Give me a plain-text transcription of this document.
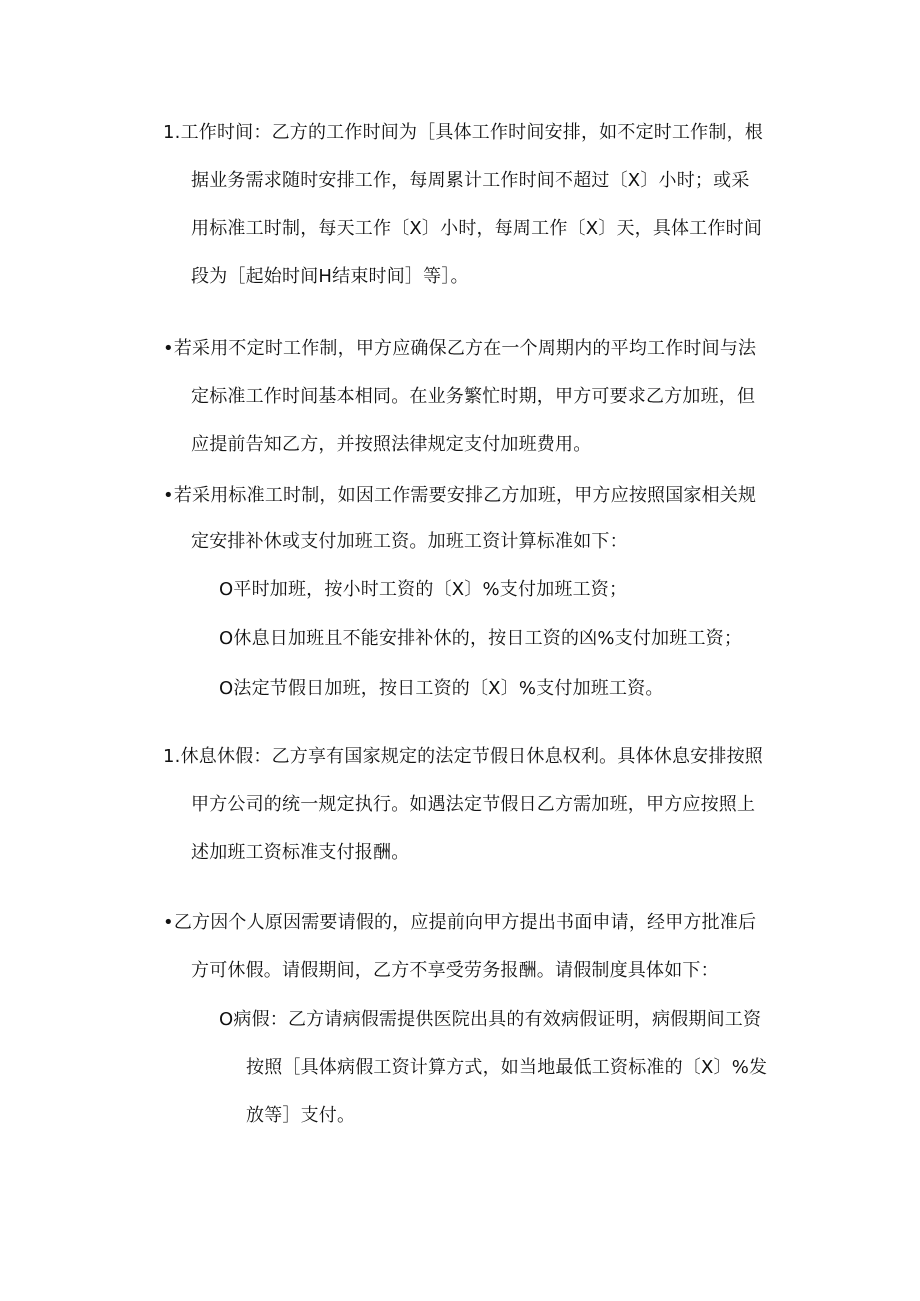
1.工作时间：乙方的工作时间为［具体工作时间安排，如不定时工作制，根
据业务需求随时安排工作，每周累计工作时间不超过〔X〕小时；或采
用标准工时制，每天工作〔X〕小时，每周工作〔X〕天，具体工作时间
段为［起始时间H结束时间］等］。
•若采用不定时工作制，甲方应确保乙方在一个周期内的平均工作时间与法
定标准工作时间基本相同。在业务繁忙时期，甲方可要求乙方加班，但
应提前告知乙方，并按照法律规定支付加班费用。
•若采用标准工时制，如因工作需要安排乙方加班，甲方应按照国家相关规
定安排补休或支付加班工资。加班工资计算标准如下：
O平时加班，按小时工资的〔X〕%支付加班工资；
O休息日加班且不能安排补休的，按日工资的凶%支付加班工资；
O法定节假日加班，按日工资的〔X〕%支付加班工资。
1.休息休假：乙方享有国家规定的法定节假日休息权利。具体休息安排按照
甲方公司的统一规定执行。如遇法定节假日乙方需加班，甲方应按照上
述加班工资标准支付报酬。
•乙方因个人原因需要请假的，应提前向甲方提出书面申请，经甲方批准后
方可休假。请假期间，乙方不享受劳务报酬。请假制度具体如下：
O病假：乙方请病假需提供医院出具的有效病假证明，病假期间工资
按照［具体病假工资计算方式，如当地最低工资标准的〔X〕%发
放等］支付。
